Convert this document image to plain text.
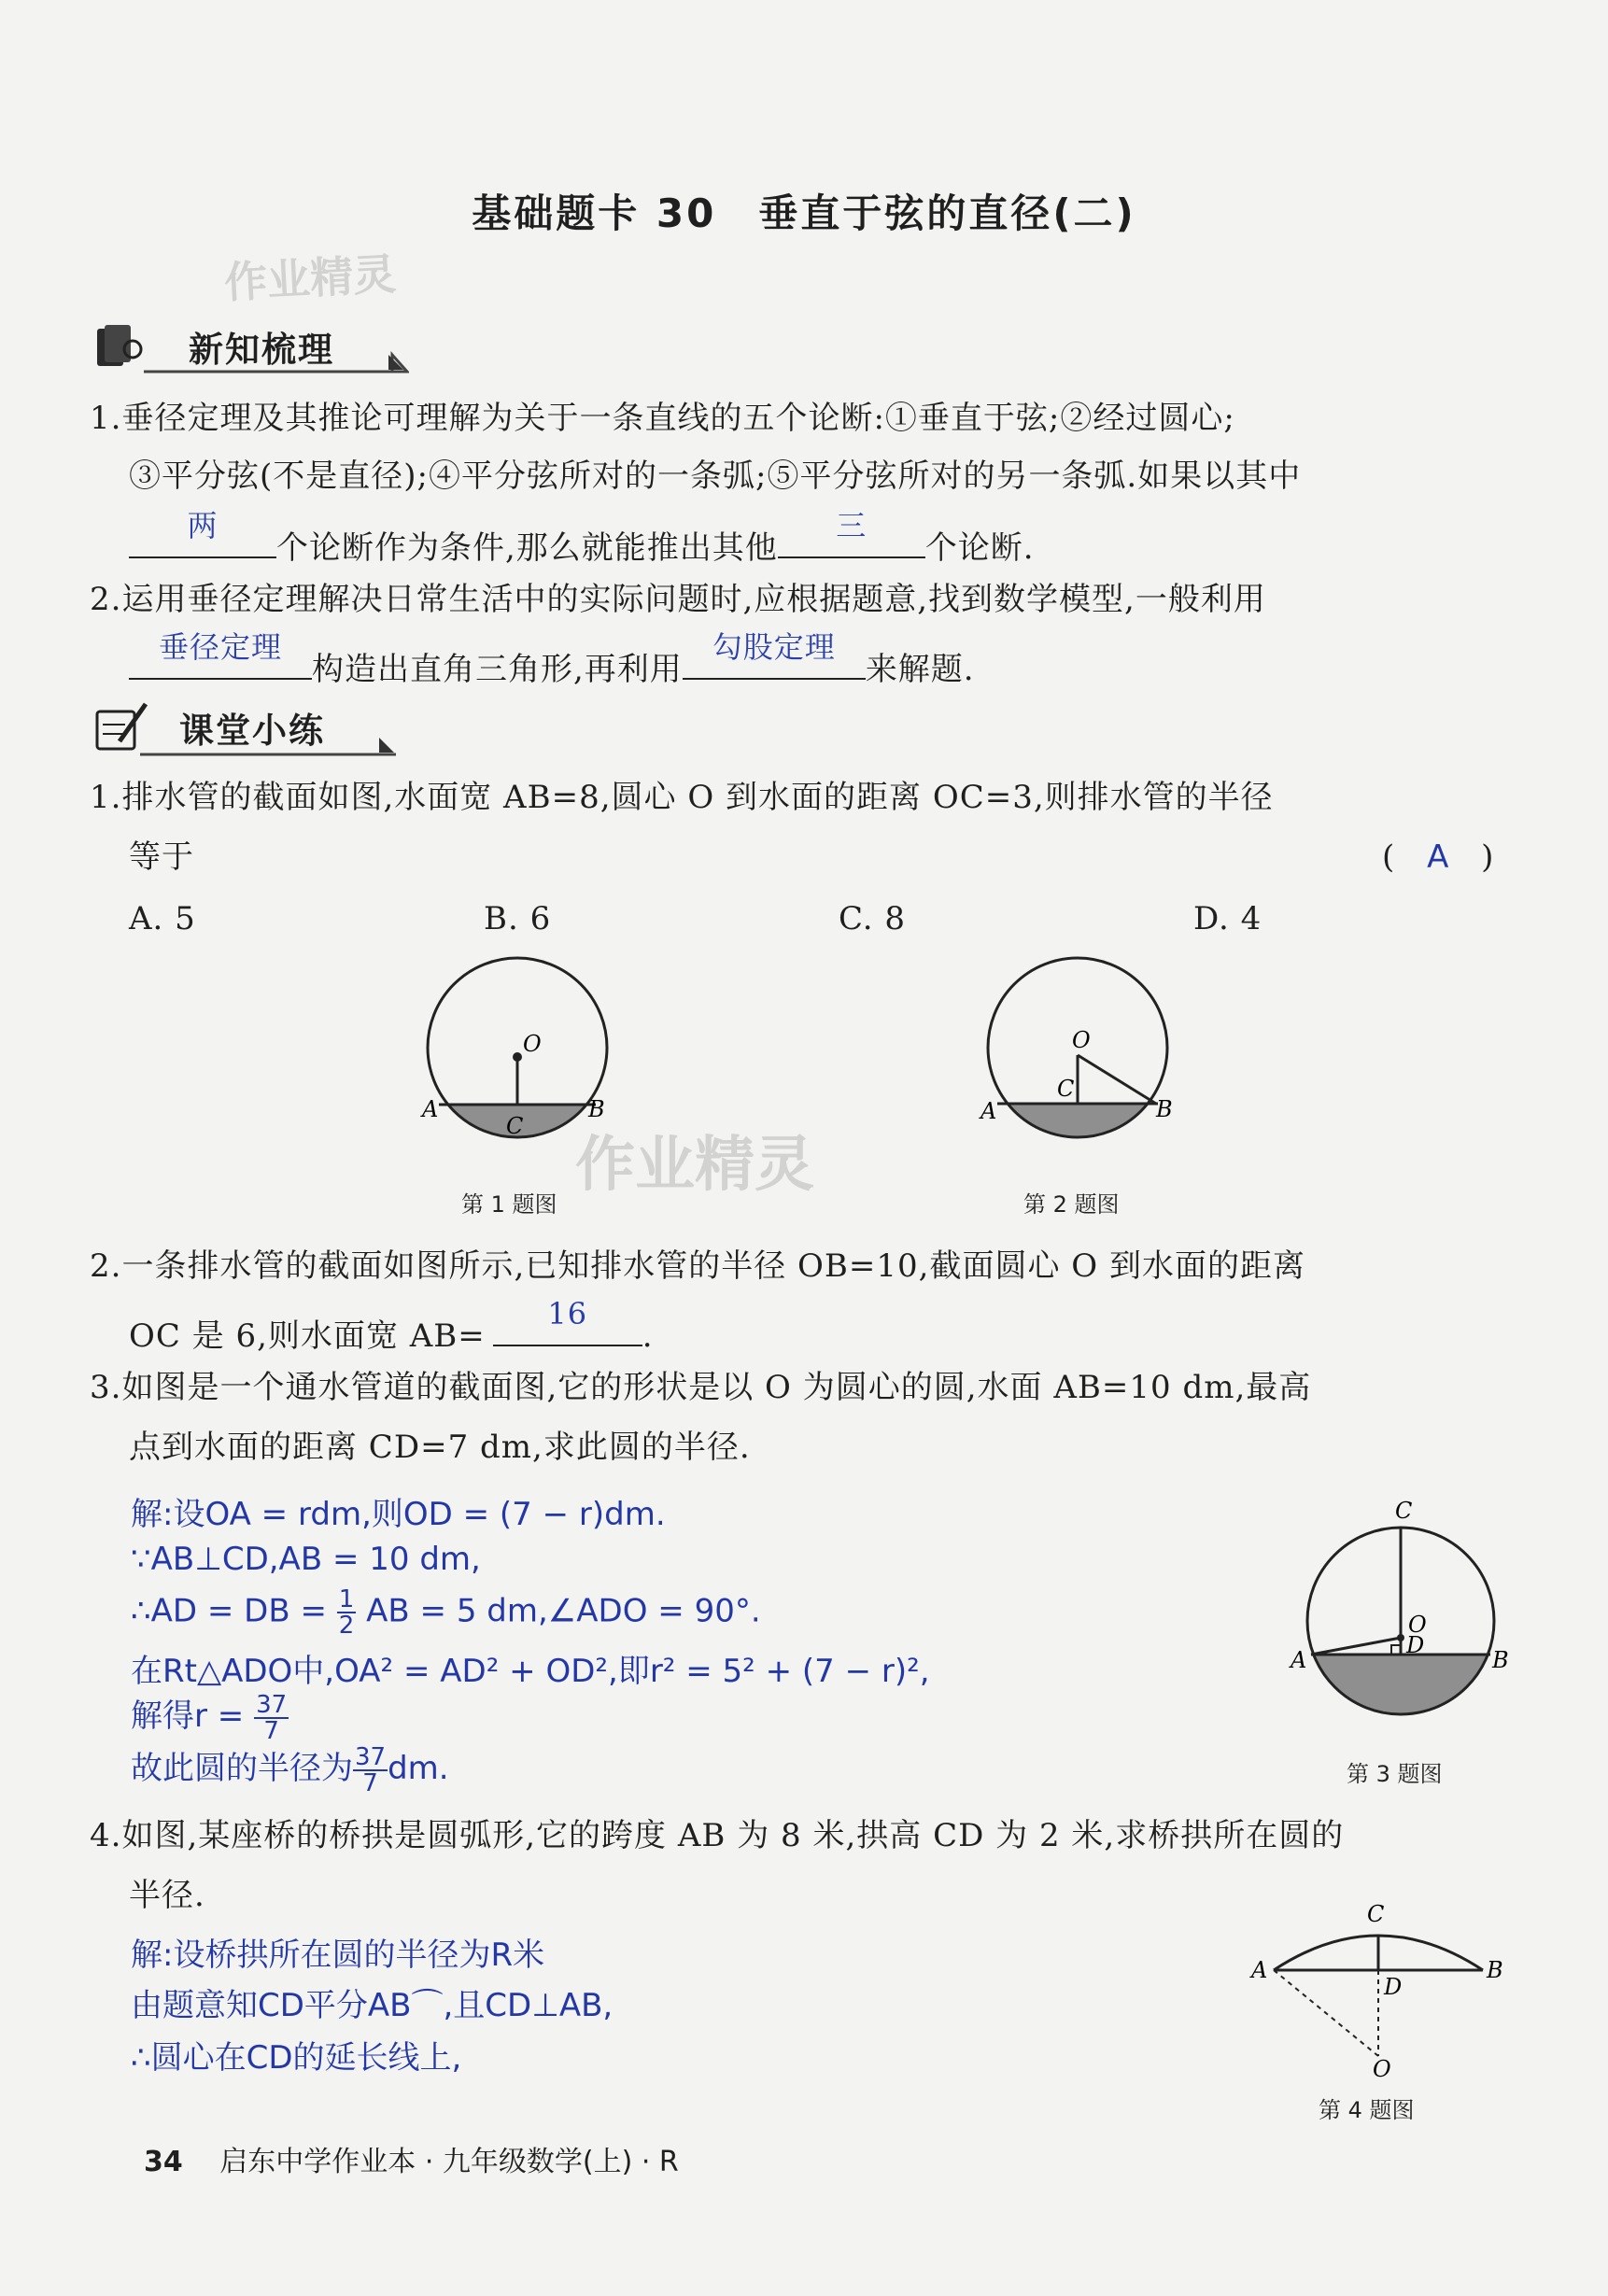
基础题卡 30　垂直于弦的直径(二)
作业精灵
新知梳理
1.垂径定理及其推论可理解为关于一条直线的五个论断:①垂直于弦;②经过圆心;
③平分弦(不是直径);④平分弦所对的一条弧;⑤平分弦所对的另一条弧.如果以其中
两
个论断作为条件,那么就能推出其他
三
个论断.
2.运用垂径定理解决日常生活中的实际问题时,应根据题意,找到数学模型,一般利用
垂径定理
构造出直角三角形,再利用
勾股定理
来解题.
课堂小练
1.排水管的截面如图,水面宽 AB=8,圆心 O 到水面的距离 OC=3,则排水管的半径
等于	( A )
A. 5	B. 6	C. 8	D. 4
O
A	B
C
第 1 题图
作业精灵
O
C
A	B
第 2 题图
2.一条排水管的截面如图所示,已知排水管的半径 OB=10,截面圆心 O 到水面的距离
OC 是 6,则水面宽 AB=
16
.
3.如图是一个通水管道的截面图,它的形状是以 O 为圆心的圆,水面 AB=10 dm,最高
点到水面的距离 CD=7 dm,求此圆的半径.
解:设OA = rdm,则OD = (7 − r)dm.
∵AB⊥CD,AB = 10 dm,
∴AD = DB = $\frac{1}{2}$ AB = 5 dm,∠ADO = 90°.
在Rt△ADO中,OA² = AD² + OD²,即r² = 5² + (7 − r)²,
解得$r = \frac{37}{7}$
故此圆的半径为 $\frac{37}{7}$ dm.
C
O
D
A	B
第 3 题图
4.如图,某座桥的桥拱是圆弧形,它的跨度 AB 为 8 米,拱高 CD 为 2 米,求桥拱所在圆的
半径.
解:设桥拱所在圆的半径为R米
由题意知CD平分AB⌒,且CD⊥AB,
∴圆心在CD的延长线上,
C
A	B
D
O
第 4 题图
34 启东中学作业本 · 九年级数学(上) · R
